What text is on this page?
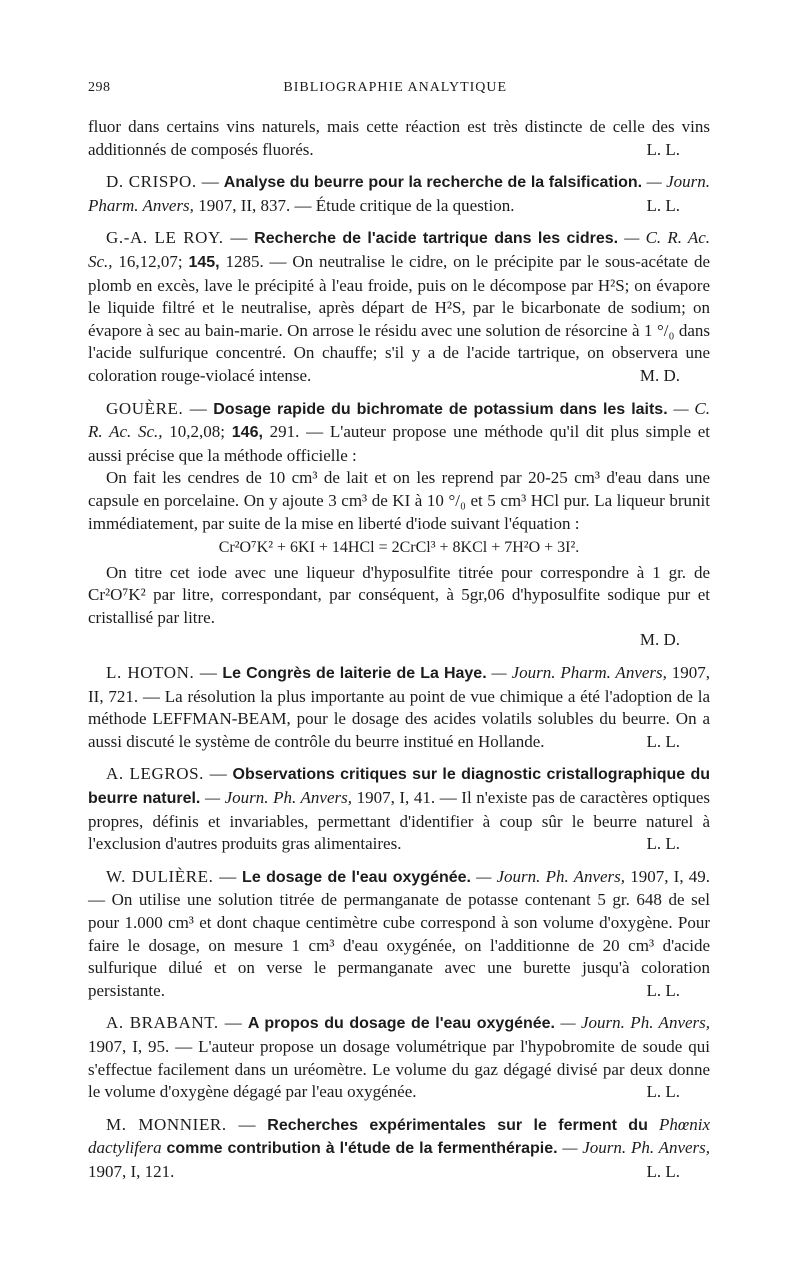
298	BIBLIOGRAPHIE ANALYTIQUE

fluor dans certains vins naturels, mais cette réaction est très distincte de celle des vins additionnés de composés fluorés.	L. L.

D. CRISPO. — Analyse du beurre pour la recherche de la falsification. — Journ. Pharm. Anvers, 1907, II, 837. — Étude critique de la question.	L. L.

G.-A. LE ROY. — Recherche de l'acide tartrique dans les cidres. — C. R. Ac. Sc., 16,12,07; 145, 1285. — On neutralise le cidre, on le précipite par le sous-acétate de plomb en excès, lave le précipité à l'eau froide, puis on le décompose par H²S; on évapore le liquide filtré et le neutralise, après départ de H²S, par le bicarbonate de sodium; on évapore à sec au bain-marie. On arrose le résidu avec une solution de résorcine à 1 °/₀ dans l'acide sulfurique concentré. On chauffe; s'il y a de l'acide tartrique, on observera une coloration rouge-violacé intense.	M. D.

GOUÈRE. — Dosage rapide du bichromate de potassium dans les laits. — C. R. Ac. Sc., 10,2,08; 146, 291. — L'auteur propose une méthode qu'il dit plus simple et aussi précise que la méthode officielle :
On fait les cendres de 10 cm³ de lait et on les reprend par 20-25 cm³ d'eau dans une capsule en porcelaine. On y ajoute 3 cm³ de KI à 10 °/₀ et 5 cm³ HCl pur. La liqueur brunit immédiatement, par suite de la mise en liberté d'iode suivant l'équation :
Cr²O⁷K² + 6KI + 14HCl = 2CrCl³ + 8KCl + 7H²O + 3I².
On titre cet iode avec une liqueur d'hyposulfite titrée pour correspondre à 1 gr. de Cr²O⁷K² par litre, correspondant, par conséquent, à 5gr,06 d'hyposulfite sodique pur et cristallisé par litre.
M. D.

L. HOTON. — Le Congrès de laiterie de La Haye. — Journ. Pharm. Anvers, 1907, II, 721. — La résolution la plus importante au point de vue chimique a été l'adoption de la méthode LEFFMAN-BEAM, pour le dosage des acides volatils solubles du beurre. On a aussi discuté le système de contrôle du beurre institué en Hollande.	L. L.

A. LEGROS. — Observations critiques sur le diagnostic cristallographique du beurre naturel. — Journ. Ph. Anvers, 1907, I, 41. — Il n'existe pas de caractères optiques propres, définis et invariables, permettant d'identifier à coup sûr le beurre naturel à l'exclusion d'autres produits gras alimentaires.	L. L.

W. DULIÈRE. — Le dosage de l'eau oxygénée. — Journ. Ph. Anvers, 1907, I, 49. — On utilise une solution titrée de permanganate de potasse contenant 5 gr. 648 de sel pour 1.000 cm³ et dont chaque centimètre cube correspond à son volume d'oxygène. Pour faire le dosage, on mesure 1 cm³ d'eau oxygénée, on l'additionne de 20 cm³ d'acide sulfurique dilué et on verse le permanganate avec une burette jusqu'à coloration persistante.	L. L.

A. BRABANT. — A propos du dosage de l'eau oxygénée. — Journ. Ph. Anvers, 1907, I, 95. — L'auteur propose un dosage volumétrique par l'hypobromite de soude qui s'effectue facilement dans un uréomètre. Le volume du gaz dégagé divisé par deux donne le volume d'oxygène dégagé par l'eau oxygénée.	L. L.

M. MONNIER. — Recherches expérimentales sur le ferment du Phœnix dactylifera comme contribution à l'étude de la fermenthérapie. — Journ. Ph. Anvers, 1907, I, 121.	L. L.
